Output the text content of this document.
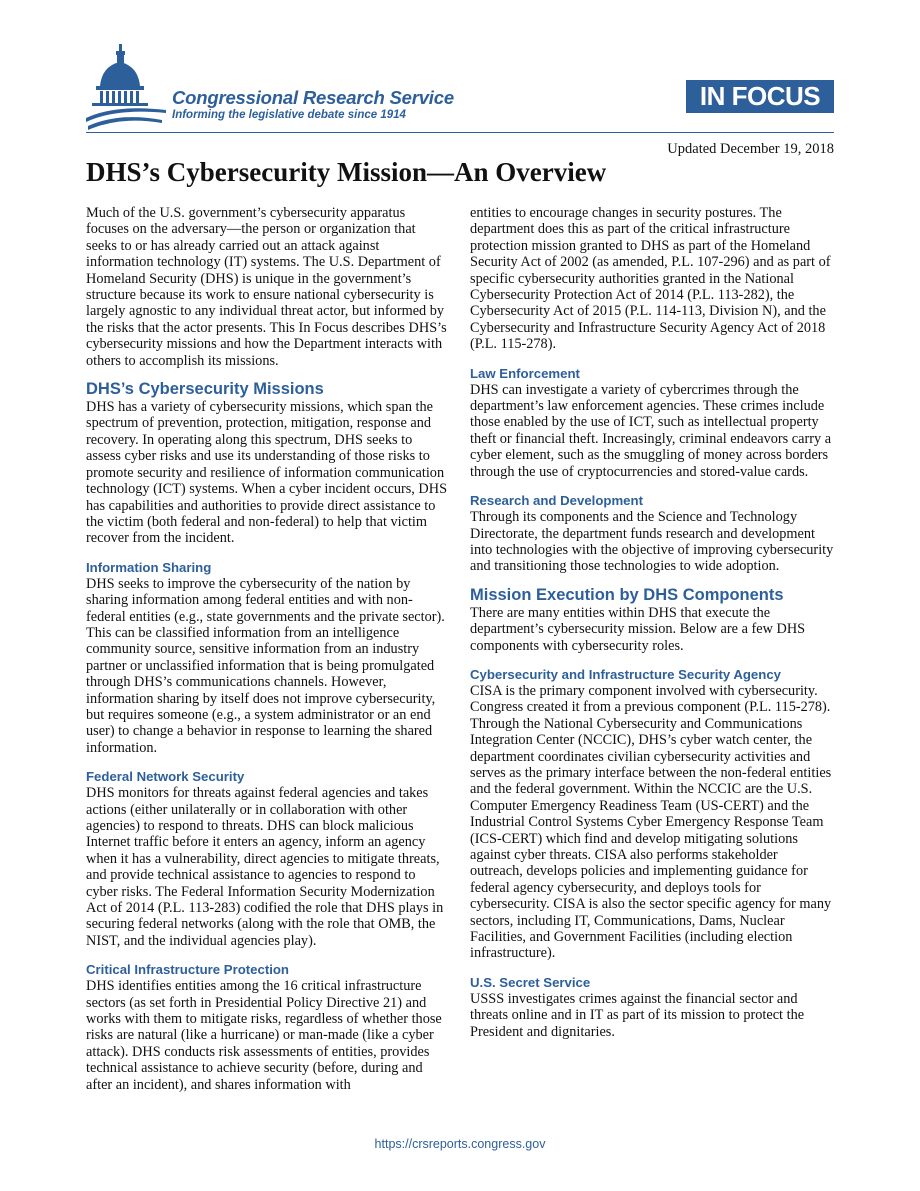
Congressional Research Service
Informing the legislative debate since 1914
IN FOCUS
Updated December 19, 2018
DHS’s Cybersecurity Mission—An Overview

Much of the U.S. government’s cybersecurity apparatus focuses on the adversary—the person or organization that seeks to or has already carried out an attack against information technology (IT) systems. The U.S. Department of Homeland Security (DHS) is unique in the government’s structure because its work to ensure national cybersecurity is largely agnostic to any individual threat actor, but informed by the risks that the actor presents. This In Focus describes DHS’s cybersecurity missions and how the Department interacts with others to accomplish its missions.

DHS’s Cybersecurity Missions

DHS has a variety of cybersecurity missions, which span the spectrum of prevention, protection, mitigation, response and recovery. In operating along this spectrum, DHS seeks to assess cyber risks and use its understanding of those risks to promote security and resilience of information communication technology (ICT) systems. When a cyber incident occurs, DHS has capabilities and authorities to provide direct assistance to the victim (both federal and non-federal) to help that victim recover from the incident.

Information Sharing

DHS seeks to improve the cybersecurity of the nation by sharing information among federal entities and with non-federal entities (e.g., state governments and the private sector). This can be classified information from an intelligence community source, sensitive information from an industry partner or unclassified information that is being promulgated through DHS’s communications channels. However, information sharing by itself does not improve cybersecurity, but requires someone (e.g., a system administrator or an end user) to change a behavior in response to learning the shared information.

Federal Network Security

DHS monitors for threats against federal agencies and takes actions (either unilaterally or in collaboration with other agencies) to respond to threats. DHS can block malicious Internet traffic before it enters an agency, inform an agency when it has a vulnerability, direct agencies to mitigate threats, and provide technical assistance to agencies to respond to cyber risks. The Federal Information Security Modernization Act of 2014 (P.L. 113-283) codified the role that DHS plays in securing federal networks (along with the role that OMB, the NIST, and the individual agencies play).

Critical Infrastructure Protection

DHS identifies entities among the 16 critical infrastructure sectors (as set forth in Presidential Policy Directive 21) and works with them to mitigate risks, regardless of whether those risks are natural (like a hurricane) or man-made (like a cyber attack). DHS conducts risk assessments of entities, provides technical assistance to achieve security (before, during and after an incident), and shares information with

entities to encourage changes in security postures. The department does this as part of the critical infrastructure protection mission granted to DHS as part of the Homeland Security Act of 2002 (as amended, P.L. 107-296) and as part of specific cybersecurity authorities granted in the National Cybersecurity Protection Act of 2014 (P.L. 113-282), the Cybersecurity Act of 2015 (P.L. 114-113, Division N), and the Cybersecurity and Infrastructure Security Agency Act of 2018 (P.L. 115-278).

Law Enforcement

DHS can investigate a variety of cybercrimes through the department’s law enforcement agencies. These crimes include those enabled by the use of ICT, such as intellectual property theft or financial theft. Increasingly, criminal endeavors carry a cyber element, such as the smuggling of money across borders through the use of cryptocurrencies and stored-value cards.

Research and Development

Through its components and the Science and Technology Directorate, the department funds research and development into technologies with the objective of improving cybersecurity and transitioning those technologies to wide adoption.

Mission Execution by DHS Components

There are many entities within DHS that execute the department’s cybersecurity mission. Below are a few DHS components with cybersecurity roles.

Cybersecurity and Infrastructure Security Agency

CISA is the primary component involved with cybersecurity. Congress created it from a previous component (P.L. 115-278). Through the National Cybersecurity and Communications Integration Center (NCCIC), DHS’s cyber watch center, the department coordinates civilian cybersecurity activities and serves as the primary interface between the non-federal entities and the federal government. Within the NCCIC are the U.S. Computer Emergency Readiness Team (US-CERT) and the Industrial Control Systems Cyber Emergency Response Team (ICS-CERT) which find and develop mitigating solutions against cyber threats. CISA also performs stakeholder outreach, develops policies and implementing guidance for federal agency cybersecurity, and deploys tools for cybersecurity. CISA is also the sector specific agency for many sectors, including IT, Communications, Dams, Nuclear Facilities, and Government Facilities (including election infrastructure).

U.S. Secret Service

USSS investigates crimes against the financial sector and threats online and in IT as part of its mission to protect the President and dignitaries.

https://crsreports.congress.gov
